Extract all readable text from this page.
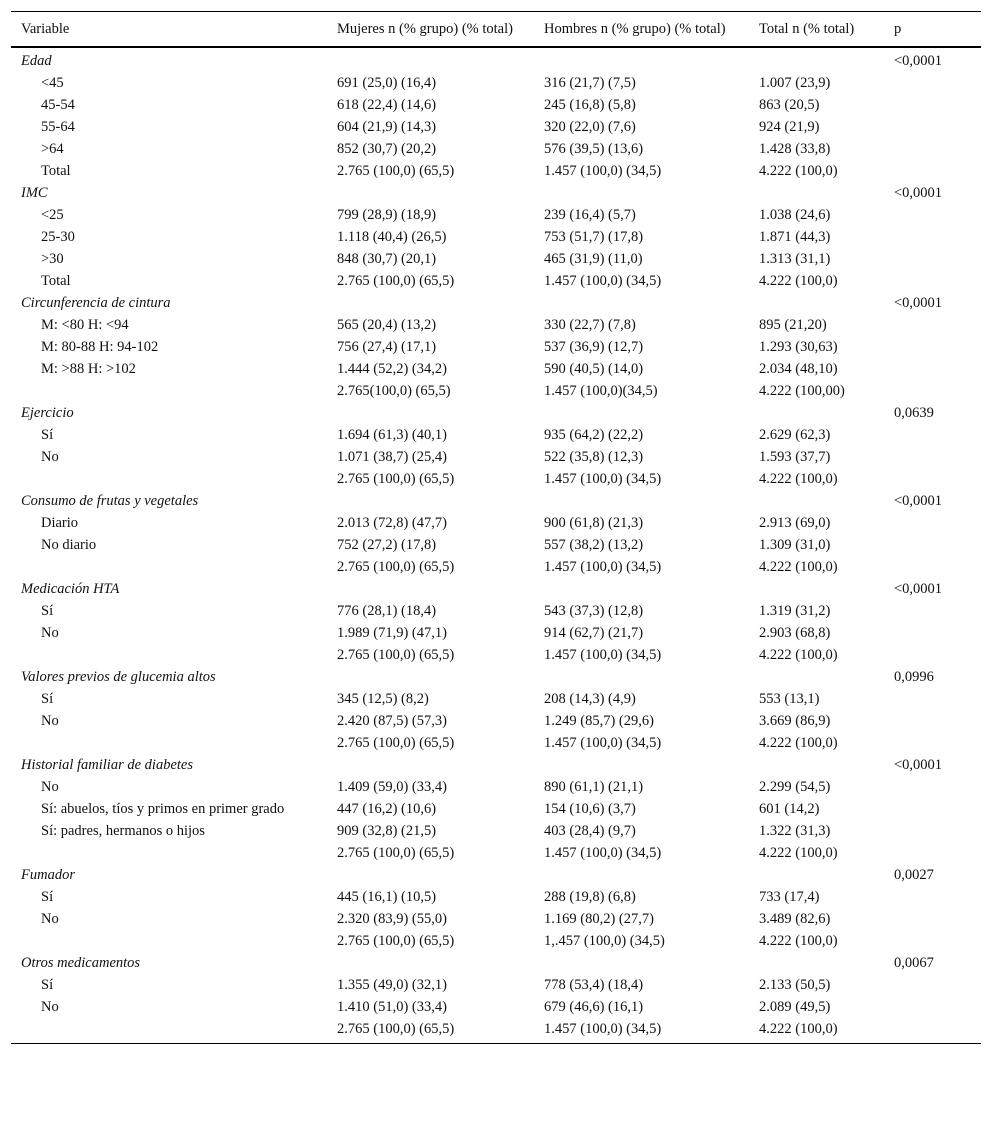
Variable	Mujeres n (% grupo) (% total)	Hombres n (% grupo) (% total)	Total n (% total)	p
Edad				<0,0001
<45	691 (25,0) (16,4)	316 (21,7) (7,5)	1.007 (23,9)	
45-54	618 (22,4) (14,6)	245 (16,8) (5,8)	863 (20,5)	
55-64	604 (21,9) (14,3)	320 (22,0) (7,6)	924 (21,9)	
>64	852 (30,7) (20,2)	576 (39,5) (13,6)	1.428 (33,8)	
Total	2.765 (100,0) (65,5)	1.457 (100,0) (34,5)	4.222 (100,0)	
IMC				<0,0001
<25	799 (28,9) (18,9)	239 (16,4) (5,7)	1.038 (24,6)	
25-30	1.118 (40,4) (26,5)	753 (51,7) (17,8)	1.871 (44,3)	
>30	848 (30,7) (20,1)	465 (31,9) (11,0)	1.313 (31,1)	
Total	2.765 (100,0) (65,5)	1.457 (100,0) (34,5)	4.222 (100,0)	
Circunferencia de cintura				<0,0001
M: <80 H: <94	565 (20,4) (13,2)	330 (22,7) (7,8)	895 (21,20)	
M: 80-88 H: 94-102	756 (27,4) (17,1)	537 (36,9) (12,7)	1.293 (30,63)	
M: >88 H: >102	1.444 (52,2) (34,2)	590 (40,5) (14,0)	2.034 (48,10)	
	2.765(100,0) (65,5)	1.457 (100,0)(34,5)	4.222 (100,00)	
Ejercicio				0,0639
Sí	1.694 (61,3) (40,1)	935 (64,2) (22,2)	2.629 (62,3)	
No	1.071 (38,7) (25,4)	522 (35,8) (12,3)	1.593 (37,7)	
	2.765 (100,0) (65,5)	1.457 (100,0) (34,5)	4.222 (100,0)	
Consumo de frutas y vegetales				<0,0001
Diario	2.013 (72,8) (47,7)	900 (61,8) (21,3)	2.913 (69,0)	
No diario	752 (27,2) (17,8)	557 (38,2) (13,2)	1.309 (31,0)	
	2.765 (100,0) (65,5)	1.457 (100,0) (34,5)	4.222 (100,0)	
Medicación HTA				<0,0001
Sí	776 (28,1) (18,4)	543 (37,3) (12,8)	1.319 (31,2)	
No	1.989 (71,9) (47,1)	914 (62,7) (21,7)	2.903 (68,8)	
	2.765 (100,0) (65,5)	1.457 (100,0) (34,5)	4.222 (100,0)	
Valores previos de glucemia altos				0,0996
Sí	345 (12,5) (8,2)	208 (14,3) (4,9)	553 (13,1)	
No	2.420 (87,5) (57,3)	1.249 (85,7) (29,6)	3.669 (86,9)	
	2.765 (100,0) (65,5)	1.457 (100,0) (34,5)	4.222 (100,0)	
Historial familiar de diabetes				<0,0001
No	1.409 (59,0) (33,4)	890 (61,1) (21,1)	2.299 (54,5)	
Sí: abuelos, tíos y primos en primer grado	447 (16,2) (10,6)	154 (10,6) (3,7)	601 (14,2)	
Sí: padres, hermanos o hijos	909 (32,8) (21,5)	403 (28,4) (9,7)	1.322 (31,3)	
	2.765 (100,0) (65,5)	1.457 (100,0) (34,5)	4.222 (100,0)	
Fumador				0,0027
Sí	445 (16,1) (10,5)	288 (19,8) (6,8)	733 (17,4)	
No	2.320 (83,9) (55,0)	1.169 (80,2) (27,7)	3.489 (82,6)	
	2.765 (100,0) (65,5)	1,.457 (100,0) (34,5)	4.222 (100,0)	
Otros medicamentos				0,0067
Sí	1.355 (49,0) (32,1)	778 (53,4) (18,4)	2.133 (50,5)	
No	1.410 (51,0) (33,4)	679 (46,6) (16,1)	2.089 (49,5)	
	2.765 (100,0) (65,5)	1.457 (100,0) (34,5)	4.222 (100,0)	
